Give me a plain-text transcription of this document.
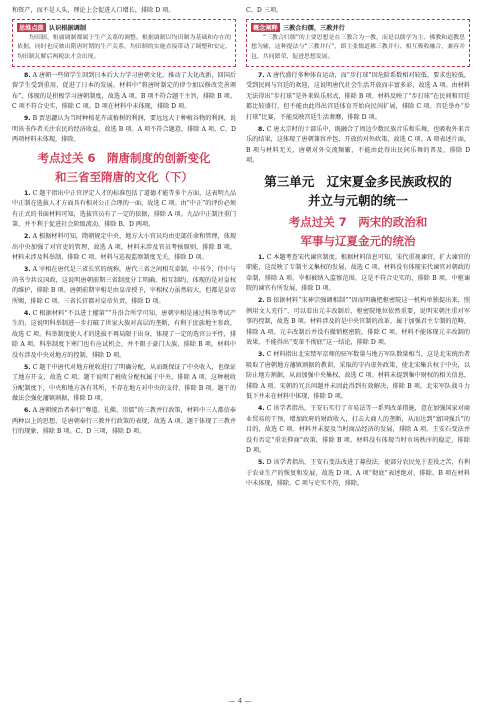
和资产，而不是人头，理论上会促进人口增长，排除 D 项。

思维点拨 认识根据调制

均田制、租庸调制都属于生产关系的调整。根据调制以均田制为基础和存在的依据，同时也反映出隋唐时期的生产关系，均田制的实施直接带动了调整和安定、均田制瓦解后两税法才会出现。

8. A 唐朝一些留学生回到日本后大力学习唐朝文化，推动了大化改新，回国后留学生受到重用，促进了日本的发展。材料中“将唐时制定的律令加以修改完善颁布”，体现的是积极学习唐朝制度，故选 A 项。B 项不符合题干主旨，排除 B 项。C 项不符合史实，排除 C 项。D 项在材料中未体现，排除 D 项。

9. B 贾思勰认为当时种植花卉或植树的利润，要远远大于种植谷物的利润，说明该书作者关注农民的经济收益，故选 B 项。A 项不符合题意，排除 A 项。C、D 两项材料未体现，排除。

考点过关 6　隋唐制度的创新变化
和三省至隋唐的文化（下）

1. C 题干指出中正官评定人才的标准包括了道德才能等多个方面，这表明九品中正制在选拔人才方面具有相对公正合理的一面，故选 C 项。由“中正”的评价必须有正式的书面材料可知，选拔官员有了一定的依据，排除 A 项。九品中正制注重门第，并不利于促进社会阶级流动，排除 B、D 两项。

2. A 根据材料可知，隋朝规定中央、地方大小官员均由吏部任命和管理，体现出中央加强了对官吏的管理，故选 A 项。材料未涉及官员考核原则，排除 B 项。材料未涉及科举制，排除 C 项。材料与巡视监察制度无关，排除 D 项。

3. A 宰相在唐代是三省长官的统称，唐代三省之间相互牵制，中书令、侍中与尚书令共议国政，这说明唐朝前期三省制度分工明确、相互制约，体现的是对皇权的维护，排除 B 项。唐朝前期宰相是由皇帝授予，宰相权力虽然较大，但都是皇帝所赐，排除 C 项。三省长官都对皇帝负责，排除 D 项。

4. C 根据材料“不以进士擢第”“升沿合所学可知，唐朝宰相是通过科举考试产生的，这说明科举制进一步打破了世家大族对高层的垄断，有利于庶族地主参政，故选 C 项。科举制度使人才的选拔不再局限于出身，体现了一定的选官公平性，排除 A 项。科举制度下寒门也有应试机会，并不限于豪门大族，排除 B 项。材料中没有涉及中央对地方的控制，排除 D 项。

5. C 题干中唐代对地方税收进行了明确分配，从而既保证了中央收入，也保证了地方开支，故选 C 项。题干说明了税收分配权属于中央，排除 A 项。这种税收分配制度下，中央和地方各有其所，不存在地方对中央的支持，排除 B 项。题干的做法会强化藩镇割据，排除 D 项。

6. A 唐朝统治者奉行“尊道、礼佛、崇儒”的三教并行政策，材料中三人都信奉两种以上的思想，是唐朝奉行三教并行政策的表现，故选 A 项。题干体现了三教并行的现象，排除 B 项。C、D 三项，排除 D 项。

C、D 三项。

概念阐释 三教合归儒，三教并行

“三教合归儒”的主要思想是在三教合为一教，而是以儒学为主、佛教和道教思想为辅，这种提法与“三教并行”，即主张儒道佛三教并行、相互吸收融合，兼容并包，共同繁荣，促进思想发展。

7. A 唐代盛行多种体育运动，而“步打球”因危险系数相对较低，要求也较低，受到民间与宫廷的欢迎，这说明唐代社会生活开放而丰富多彩，故选 A 项。由材料无法得出“步打球”是外来娱乐形式，排除 B 项。材料反映了“步打球”在民间和宫廷都比较盛行，但不能由此得出宫廷体育开始向民间扩展，排除 C 项。宫廷举办“步打球”比赛，不能反映宫廷生活奢靡，排除 D 项。

8. C 唐太宗时的十部乐中，既融合了周边少数民族音乐和乐舞，也吸收外来音乐的结果，这体现了唐朝兼容并包、开放的对外政策，故选 C 项。A 项表述片面，B 项与材料无关，唐朝对外交流频繁，不能由此得出民间乐舞的普及，排除 D 项。

第三单元　辽宋夏金多民族政权的
并立与元朝的统一
考点过关 7　两宋的政治和
军事与辽夏金元的统治

1. C 本题考查宋代谏官制度。根据材料信息可知，宋代重视谏官，扩大谏官的职能，这反映了专制主义集权的发展，故选 C 项。材料没有体现宋代谏官对朝政的牵制，排除 A 项。宰相被纳入监察范围，这是不符合史实的，排除 B 项。中枢谏院的谏官有所发展，排除 D 项。

2. B 依据材料“宋神宗强调相制”“因而明确把枢密院这一机构单独提出来，照例用文人充任”，可以看出元丰改制后，枢密院地位依然重要，说明宋朝注重对军事的控制，故选 B 项。材料涉及的是中央官制的改革，属于加强君主专制的范畴，排除 A 项。元丰改制后并没有撤销枢密院，排除 C 项。材料不能体现元丰改制的效果，不能得出“变革不彻底”这一结论，排除 D 项。

3. C 材料指出北宋禁军京师的驻军数量与地方军队数量相当，这是北宋统治者吸取了唐朝地方藩镇割据的教训，采取的守内虚外政策，使北宋集兵权于中央，以防止地方割据，从而加强中央集权，故选 C 项。材料未提到集中财权的相关信息，排除 A 项。宋朝的冗兵问题并未因此得到有效解决，排除 B 项。北宋军队战斗力低下并未在材料中体现，排除 D 项。

4. C 该学者指出，王安石实行了市易法等一系列改革措施，意在加强国家对商业贸易的干预，增加政府的财政收入，打击大商人的垄断，从而达到“富国强兵”的目的，故选 C 项。材料并未提及当时商品经济的发展，排除 A 项。王安石变法并没有否定“重农抑商”政策，排除 B 项。材料没有体现当时市场秩序的稳定，排除 D 项。

5. D 该学者指出，王安石变法改进了募役法，使部分农民免于差役之苦，有利于农业生产的恢复和发展，故选 D 项。A 项“彻底”表述绝对，排除。B 项在材料中未体现，排除。C 项与史实不符，排除。

— 4 —
